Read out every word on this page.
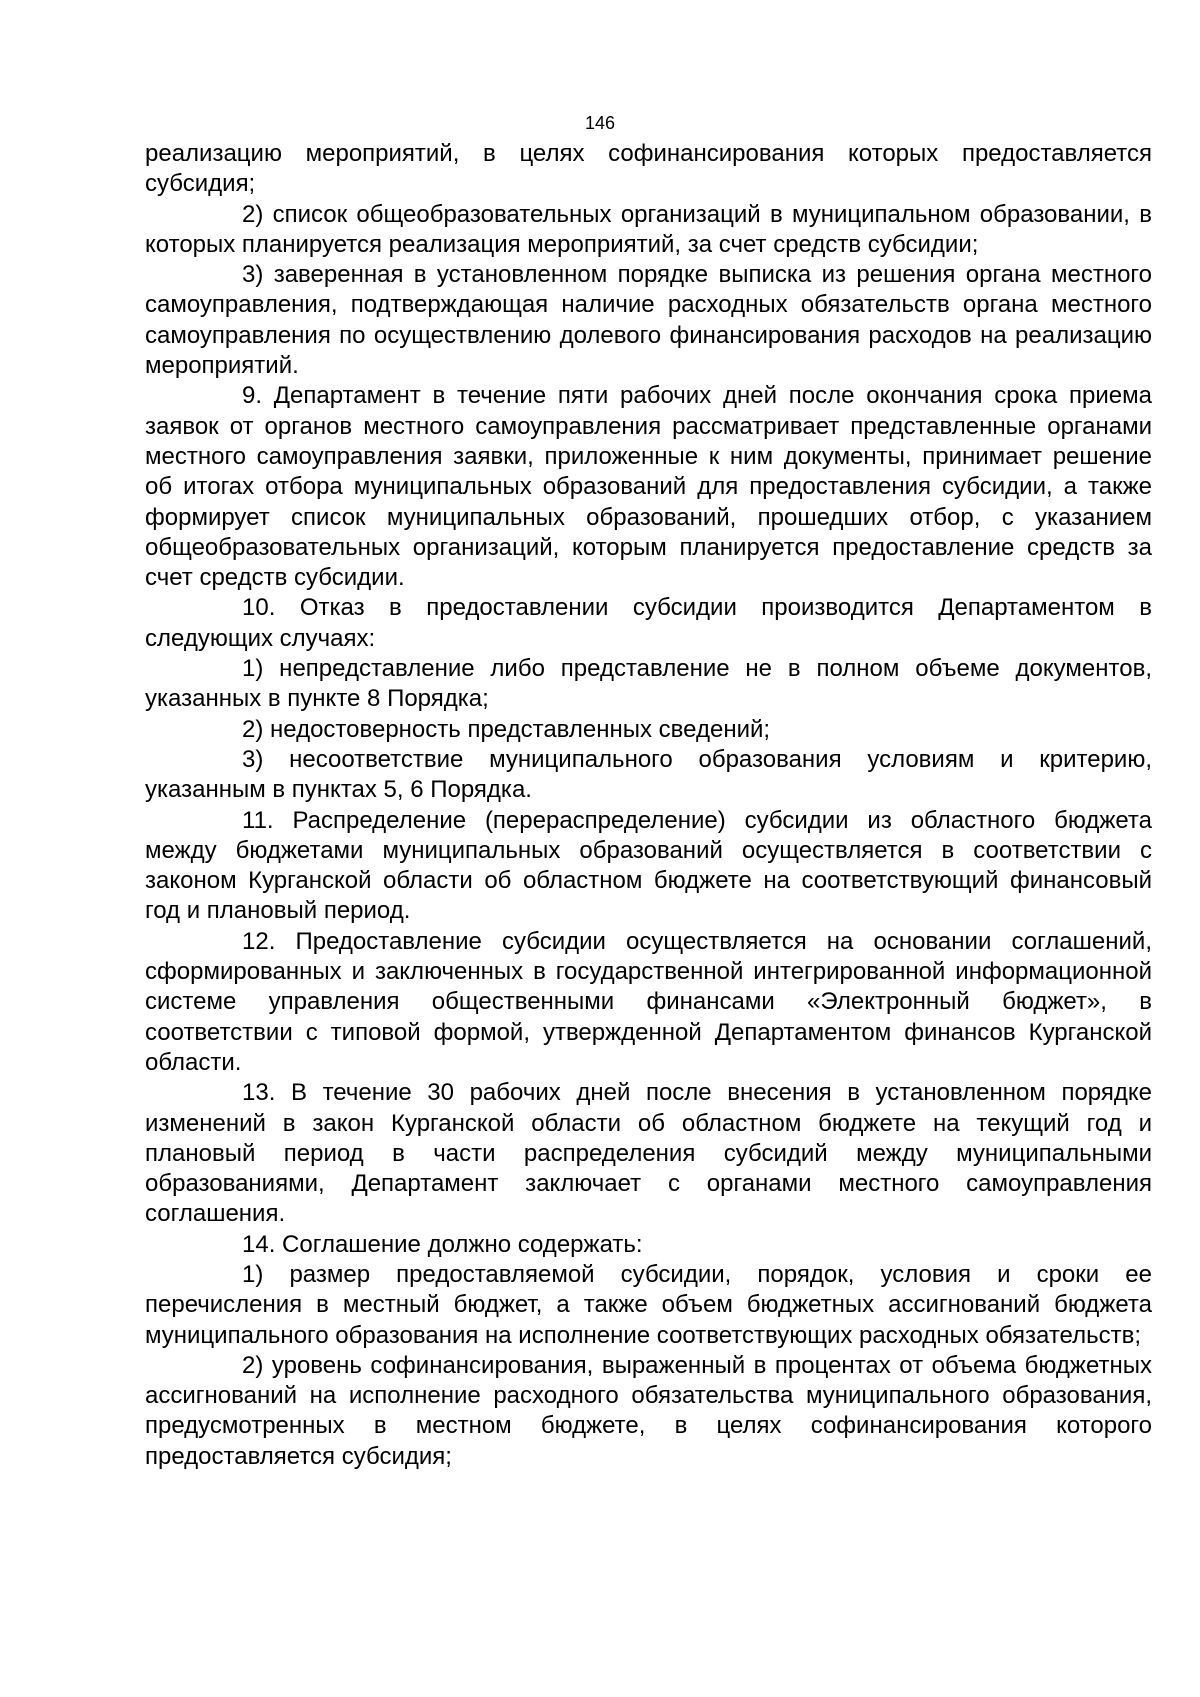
146

реализацию мероприятий, в целях софинансирования которых предоставляется субсидия;

2) список общеобразовательных организаций в муниципальном образовании, в которых планируется реализация мероприятий, за счет средств субсидии;

3) заверенная в установленном порядке выписка из решения органа местного самоуправления, подтверждающая наличие расходных обязательств органа местного самоуправления по осуществлению долевого финансирования расходов на реализацию мероприятий.

9. Департамент в течение пяти рабочих дней после окончания срока приема заявок от органов местного самоуправления рассматривает представленные органами местного самоуправления заявки, приложенные к ним документы, принимает решение об итогах отбора муниципальных образований для предоставления субсидии, а также формирует список муниципальных образований, прошедших отбор, с указанием общеобразовательных организаций, которым планируется предоставление средств за счет средств субсидии.

10. Отказ в предоставлении субсидии производится Департаментом в следующих случаях:

1) непредставление либо представление не в полном объеме документов, указанных в пункте 8 Порядка;

2) недостоверность представленных сведений;

3) несоответствие муниципального образования условиям и критерию, указанным в пунктах 5, 6 Порядка.

11. Распределение (перераспределение) субсидии из областного бюджета между бюджетами муниципальных образований осуществляется в соответствии с законом Курганской области об областном бюджете на соответствующий финансовый год и плановый период.

12. Предоставление субсидии осуществляется на основании соглашений, сформированных и заключенных в государственной интегрированной информационной системе управления общественными финансами «Электронный бюджет», в соответствии с типовой формой, утвержденной Департаментом финансов Курганской области.

13. В течение 30 рабочих дней после внесения в установленном порядке изменений в закон Курганской области об областном бюджете на текущий год и плановый период в части распределения субсидий между муниципальными образованиями, Департамент заключает с органами местного самоуправления соглашения.

14. Соглашение должно содержать:

1) размер предоставляемой субсидии, порядок, условия и сроки ее перечисления в местный бюджет, а также объем бюджетных ассигнований бюджета муниципального образования на исполнение соответствующих расходных обязательств;

2) уровень софинансирования, выраженный в процентах от объема бюджетных ассигнований на исполнение расходного обязательства муниципального образования, предусмотренных в местном бюджете, в целях софинансирования которого предоставляется субсидия;
